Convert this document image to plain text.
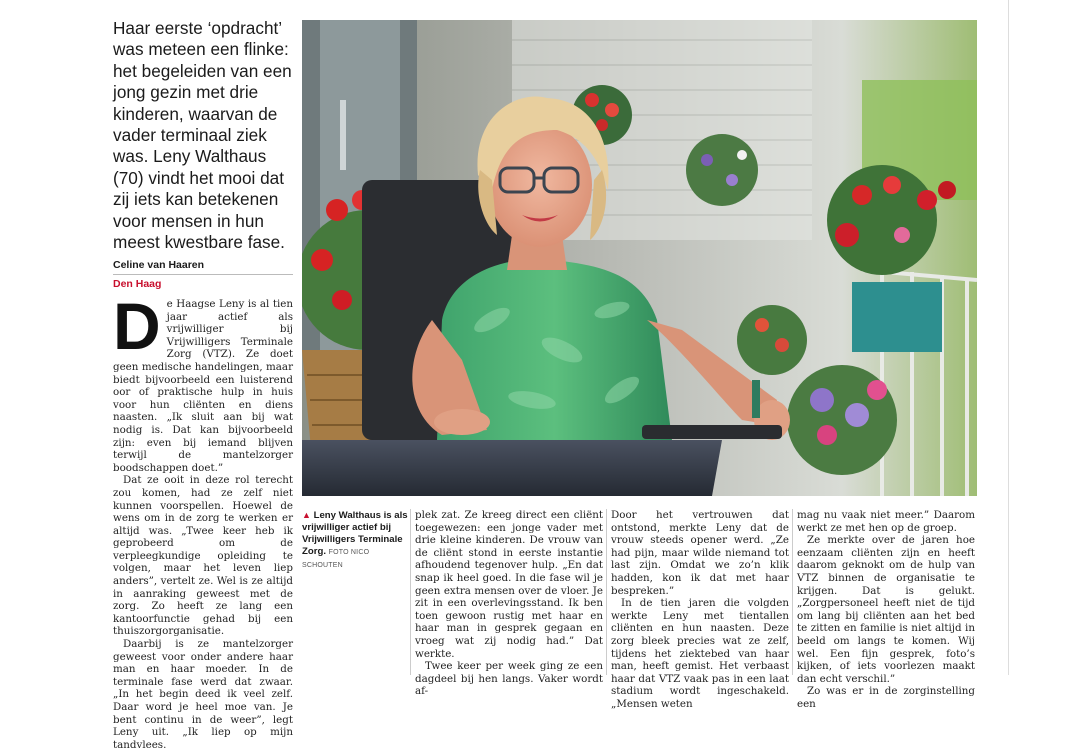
Haar eerste ‘opdracht’ was meteen een flinke: het begeleiden van een jong gezin met drie kinderen, waarvan de vader terminaal ziek was. Leny Walthaus (70) vindt het mooi dat zij iets kan betekenen voor mensen in hun meest kwestbare fase.

Celine van Haaren
Den Haag
D e Haagse Leny is al tien jaar actief als vrijwilliger bij Vrijwilligers Terminale Zorg (VTZ). Ze doet geen medische handelingen, maar biedt bijvoorbeeld een luisterend oor of praktische hulp in huis voor hun cliënten en diens naasten. „Ik sluit aan bij wat nodig is. Dat kan bijvoorbeeld zijn: even bij iemand blijven terwijl de mantelzorger boodschappen doet.”

Dat ze ooit in deze rol terecht zou komen, had ze zelf niet kunnen voorspellen. Hoewel de wens om in de zorg te werken er altijd was. „Twee keer heb ik geprobeerd om de verpleegkundige opleiding te volgen, maar het leven liep anders”, vertelt ze. Wel is ze altijd in aanraking geweest met de zorg. Zo heeft ze lang een kantoorfunctie gehad bij een thuiszorgorganisatie.

Daarbij is ze mantelzorger geweest voor onder andere haar man en haar moeder. In de terminale fase werd dat zwaar. „In het begin deed ik veel zelf. Daar word je heel moe van. Je bent continu in de weer”, legt Leny uit. „Ik liep op mijn tandvlees.

▲ Leny Walthaus is als vrijwilliger actief bij Vrijwilligers Terminale Zorg. FOTO NICO SCHOUTEN

plek zat. Ze kreeg direct een cliënt toegewezen: een jonge vader met drie kleine kinderen. De vrouw van de cliënt stond in eerste instantie afhoudend tegenover hulp. „En dat snap ik heel goed. In die fase wil je geen extra mensen over de vloer. Je zit in een overlevingsstand. Ik ben toen gewoon rustig met haar en haar man in gesprek gegaan en vroeg wat zij nodig had.” Dat werkte.

Twee keer per week ging ze een dagdeel bij hen langs. Vaker wordt af-

Door het vertrouwen dat ontstond, merkte Leny dat de vrouw steeds opener werd. „Ze had pijn, maar wilde niemand tot last zijn. Omdat we zo’n klik hadden, kon ik dat met haar bespreken.”

In de tien jaren die volgden werkte Leny met tientallen cliënten en hun naasten. Deze zorg bleek precies wat ze zelf, tijdens het ziektebed van haar man, heeft gemist. Het verbaast haar dat VTZ vaak pas in een laat stadium wordt ingeschakeld. „Mensen weten

mag nu vaak niet meer.” Daarom werkt ze met hen op de groep.

Ze merkte over de jaren hoe eenzaam cliënten zijn en heeft daarom geknokt om de hulp van VTZ binnen de organisatie te krijgen. Dat is gelukt. „Zorgpersoneel heeft niet de tijd om lang bij cliënten aan het bed te zitten en familie is niet altijd in beeld om langs te komen. Wij wel. Een fijn gesprek, foto’s kijken, of iets voorlezen maakt dan echt verschil.”

Zo was er in de zorginstelling een
